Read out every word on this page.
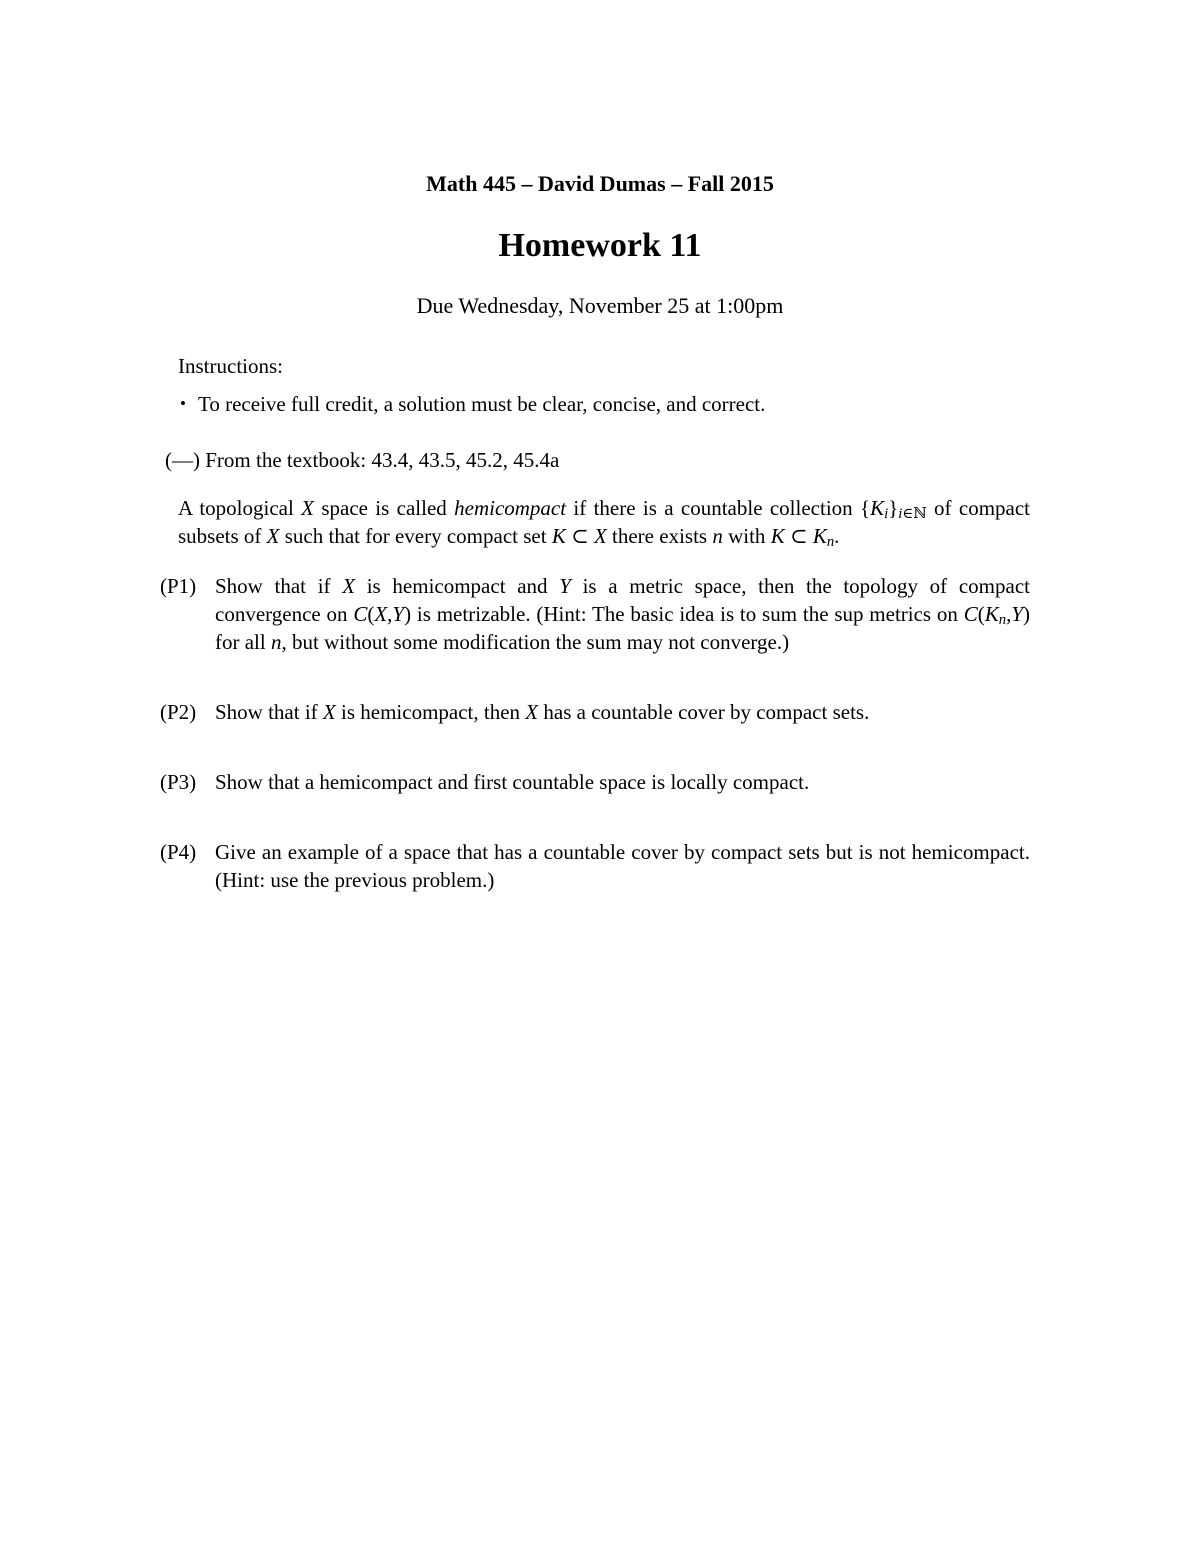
Math 445 – David Dumas – Fall 2015
Homework 11
Due Wednesday, November 25 at 1:00pm
Instructions:
• To receive full credit, a solution must be clear, concise, and correct.
(—) From the textbook: 43.4, 43.5, 45.2, 45.4a
A topological X space is called hemicompact if there is a countable collection {Ki}i∈ℕ of compact subsets of X such that for every compact set K ⊂ X there exists n with K ⊂ Kn.
(P1) Show that if X is hemicompact and Y is a metric space, then the topology of compact convergence on C(X,Y) is metrizable. (Hint: The basic idea is to sum the sup metrics on C(Kn,Y) for all n, but without some modification the sum may not converge.)
(P2) Show that if X is hemicompact, then X has a countable cover by compact sets.
(P3) Show that a hemicompact and first countable space is locally compact.
(P4) Give an example of a space that has a countable cover by compact sets but is not hemicompact. (Hint: use the previous problem.)
